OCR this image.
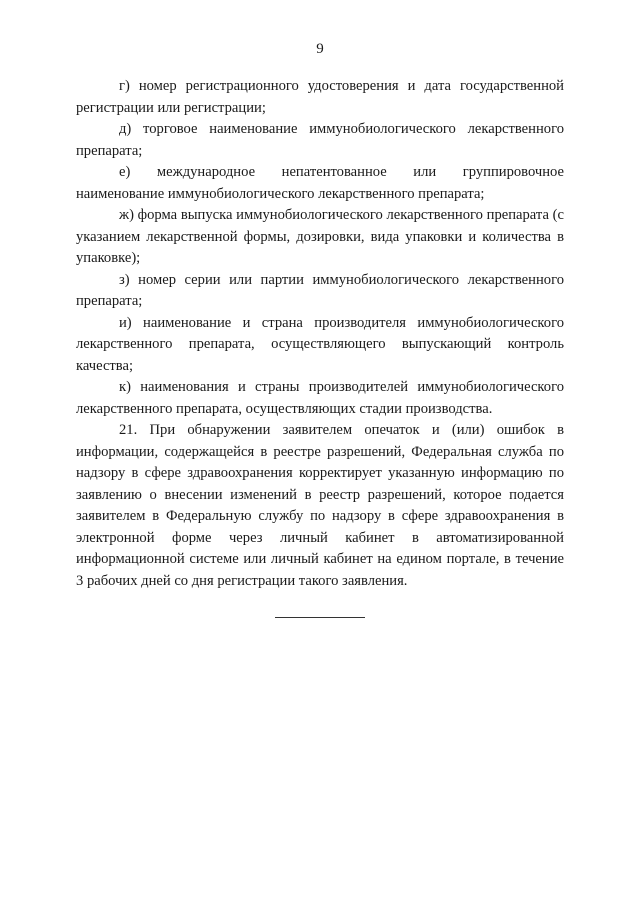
9

г) номер регистрационного удостоверения и дата государственной регистрации или регистрации;

д) торговое наименование иммунобиологического лекарственного препарата;

е) международное непатентованное или группировочное наименование иммунобиологического лекарственного препарата;

ж) форма выпуска иммунобиологического лекарственного препарата (с указанием лекарственной формы, дозировки, вида упаковки и количества в упаковке);

з) номер серии или партии иммунобиологического лекарственного препарата;

и) наименование и страна производителя иммунобиологического лекарственного препарата, осуществляющего выпускающий контроль качества;

к) наименования и страны производителей иммунобиологического лекарственного препарата, осуществляющих стадии производства.

21. При обнаружении заявителем опечаток и (или) ошибок в информации, содержащейся в реестре разрешений, Федеральная служба по надзору в сфере здравоохранения корректирует указанную информацию по заявлению о внесении изменений в реестр разрешений, которое подается заявителем в Федеральную службу по надзору в сфере здравоохранения в электронной форме через личный кабинет в автоматизированной информационной системе или личный кабинет на едином портале, в течение 3 рабочих дней со дня регистрации такого заявления.
